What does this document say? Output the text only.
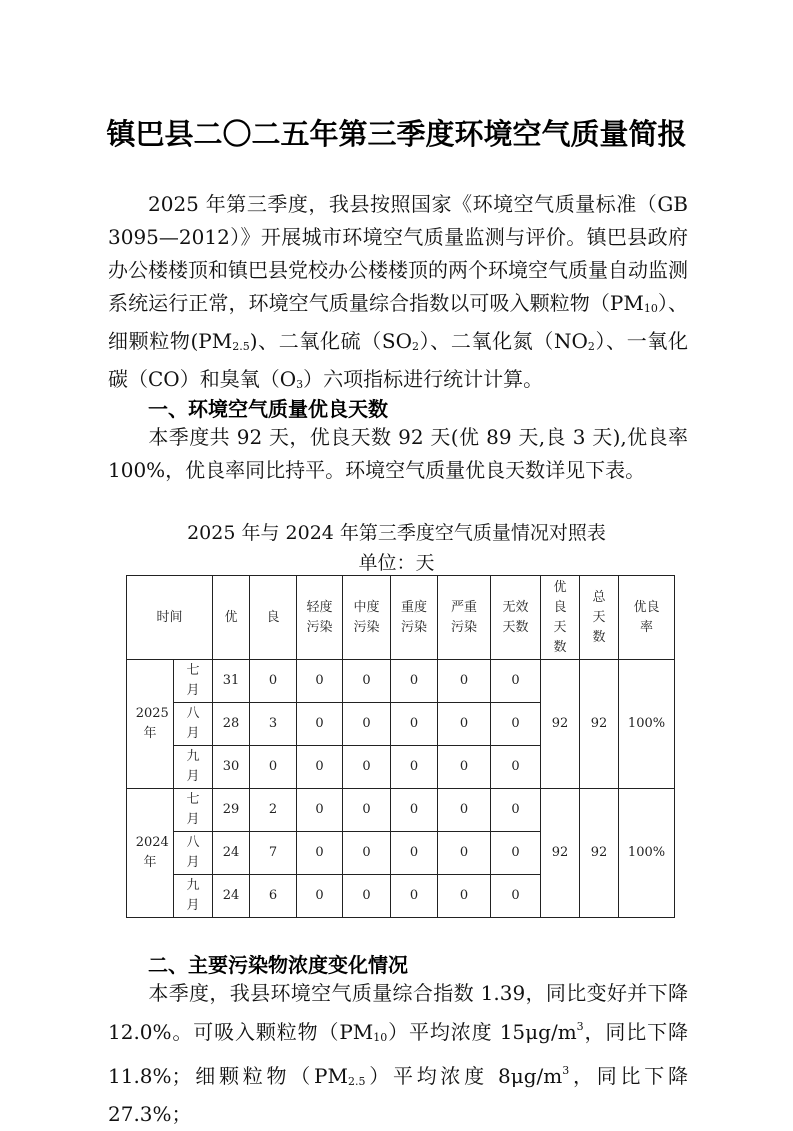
镇巴县二〇二五年第三季度环境空气质量简报
2025 年第三季度，我县按照国家《环境空气质量标准（GB 3095—2012）》开展城市环境空气质量监测与评价。镇巴县政府办公楼楼顶和镇巴县党校办公楼楼顶的两个环境空气质量自动监测系统运行正常，环境空气质量综合指数以可吸入颗粒物$(PM_{10})$、细颗粒物$(PM_{2.5})$、二氧化硫$(SO_2)$、二氧化氮$(NO_2)$、一氧化碳（CO）和臭氧$(O_3)$六项指标进行统计计算。
一、环境空气质量优良天数
本季度共 92 天，优良天数 92 天(优 89 天,良 3 天),优良率 100%，优良率同比持平。环境空气质量优良天数详见下表。
2025 年与 2024 年第三季度空气质量情况对照表
单位：天
时间		优	良	轻度污染	中度污染	重度污染	严重污染	无效天数	优良天数	总天数	优良率
2025年	七月	31	0	0	0	0	0	0	92	92	100%
	八月	28	3	0	0	0	0	0			
	九月	30	0	0	0	0	0	0			
2024年	七月	29	2	0	0	0	0	0	92	92	100%
	八月	24	7	0	0	0	0	0			
	九月	24	6	0	0	0	0	0			
二、主要污染物浓度变化情况
本季度，我县环境空气质量综合指数 1.39，同比变好并下降 12.0%。可吸入颗粒物$(PM_{10})$平均浓度 $15\mu g/m^3$，同比下降 11.8%；细颗粒物$(PM_{2.5})$平均浓度 $8\mu g/m^3$，同比下降 27.3%；
